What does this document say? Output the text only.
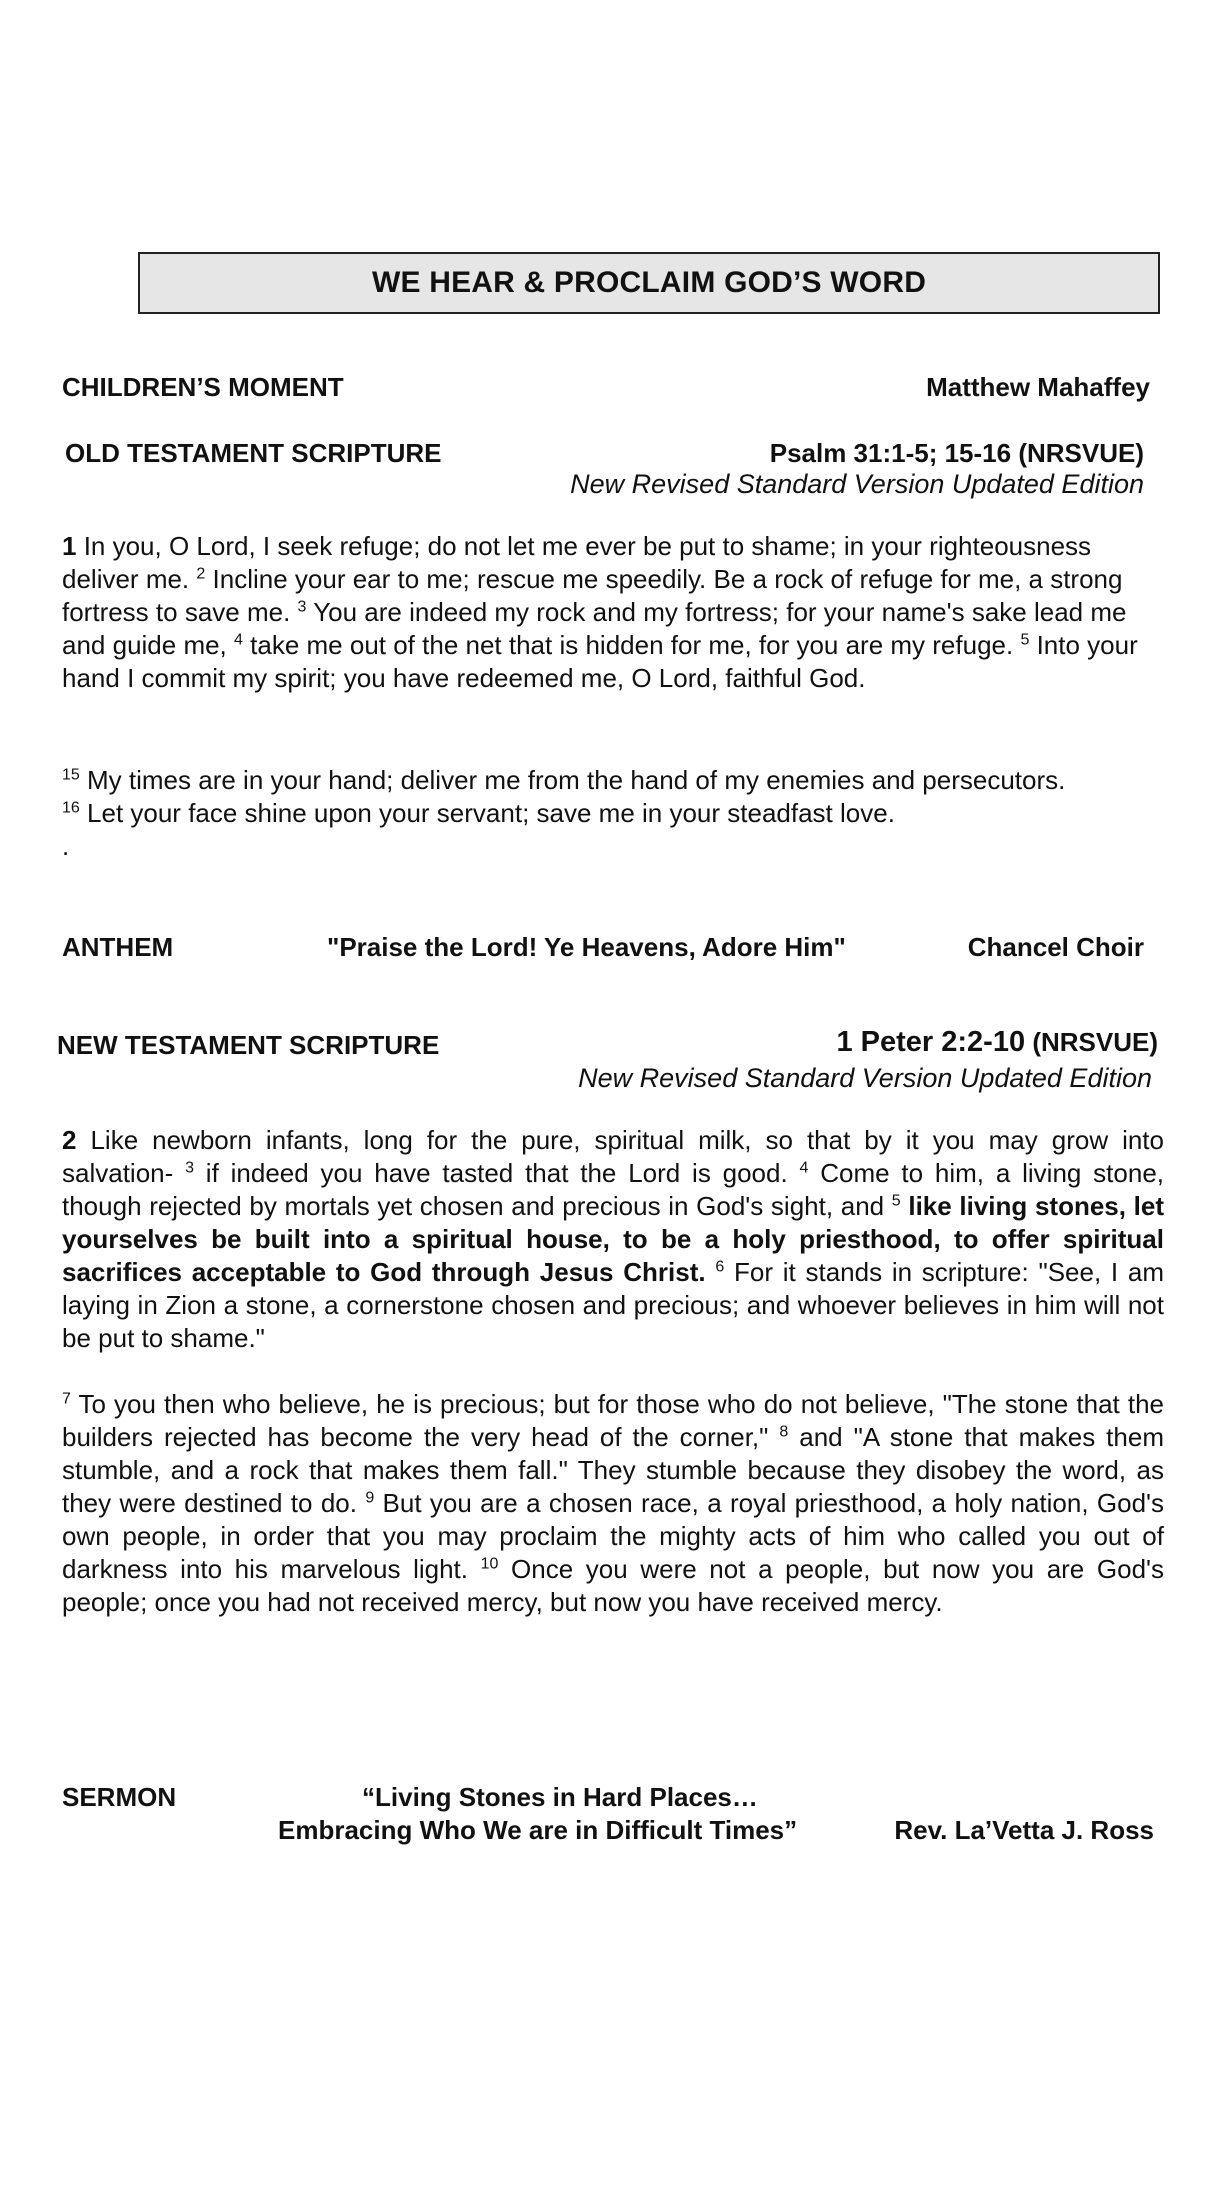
WE HEAR & PROCLAIM GOD’S WORD
CHILDREN’S MOMENT	Matthew Mahaffey
OLD TESTAMENT SCRIPTURE	Psalm 31:1-5; 15-16 (NRSVUE)
New Revised Standard Version Updated Edition

1 In you, O Lord, I seek refuge; do not let me ever be put to shame; in your righteousness deliver me. $^2$ Incline your ear to me; rescue me speedily. Be a rock of refuge for me, a strong fortress to save me. $^3$ You are indeed my rock and my fortress; for your name's sake lead me and guide me, $^4$ take me out of the net that is hidden for me, for you are my refuge. $^5$ Into your hand I commit my spirit; you have redeemed me, O Lord, faithful God.

$^{15}$ My times are in your hand; deliver me from the hand of my enemies and persecutors.
$^{16}$ Let your face shine upon your servant; save me in your steadfast love.
.

ANTHEM	"Praise the Lord! Ye Heavens, Adore Him"	Chancel Choir
NEW TESTAMENT SCRIPTURE	1 Peter 2:2-10 (NRSVUE)
New Revised Standard Version Updated Edition

2 Like newborn infants, long for the pure, spiritual milk, so that by it you may grow into salvation- $^3$ if indeed you have tasted that the Lord is good. $^4$ Come to him, a living stone, though rejected by mortals yet chosen and precious in God's sight, and $^5$ like living stones, let yourselves be built into a spiritual house, to be a holy priesthood, to offer spiritual sacrifices acceptable to God through Jesus Christ. $^6$ For it stands in scripture: "See, I am laying in Zion a stone, a cornerstone chosen and precious; and whoever believes in him will not be put to shame."

$^7$ To you then who believe, he is precious; but for those who do not believe, "The stone that the builders rejected has become the very head of the corner," $^8$ and "A stone that makes them stumble, and a rock that makes them fall." They stumble because they disobey the word, as they were destined to do. $^9$ But you are a chosen race, a royal priesthood, a holy nation, God's own people, in order that you may proclaim the mighty acts of him who called you out of darkness into his marvelous light. $^{10}$ Once you were not a people, but now you are God's people; once you had not received mercy, but now you have received mercy.

SERMON	“Living Stones in Hard Places…
Embracing Who We are in Difficult Times”	Rev. La’Vetta J. Ross
